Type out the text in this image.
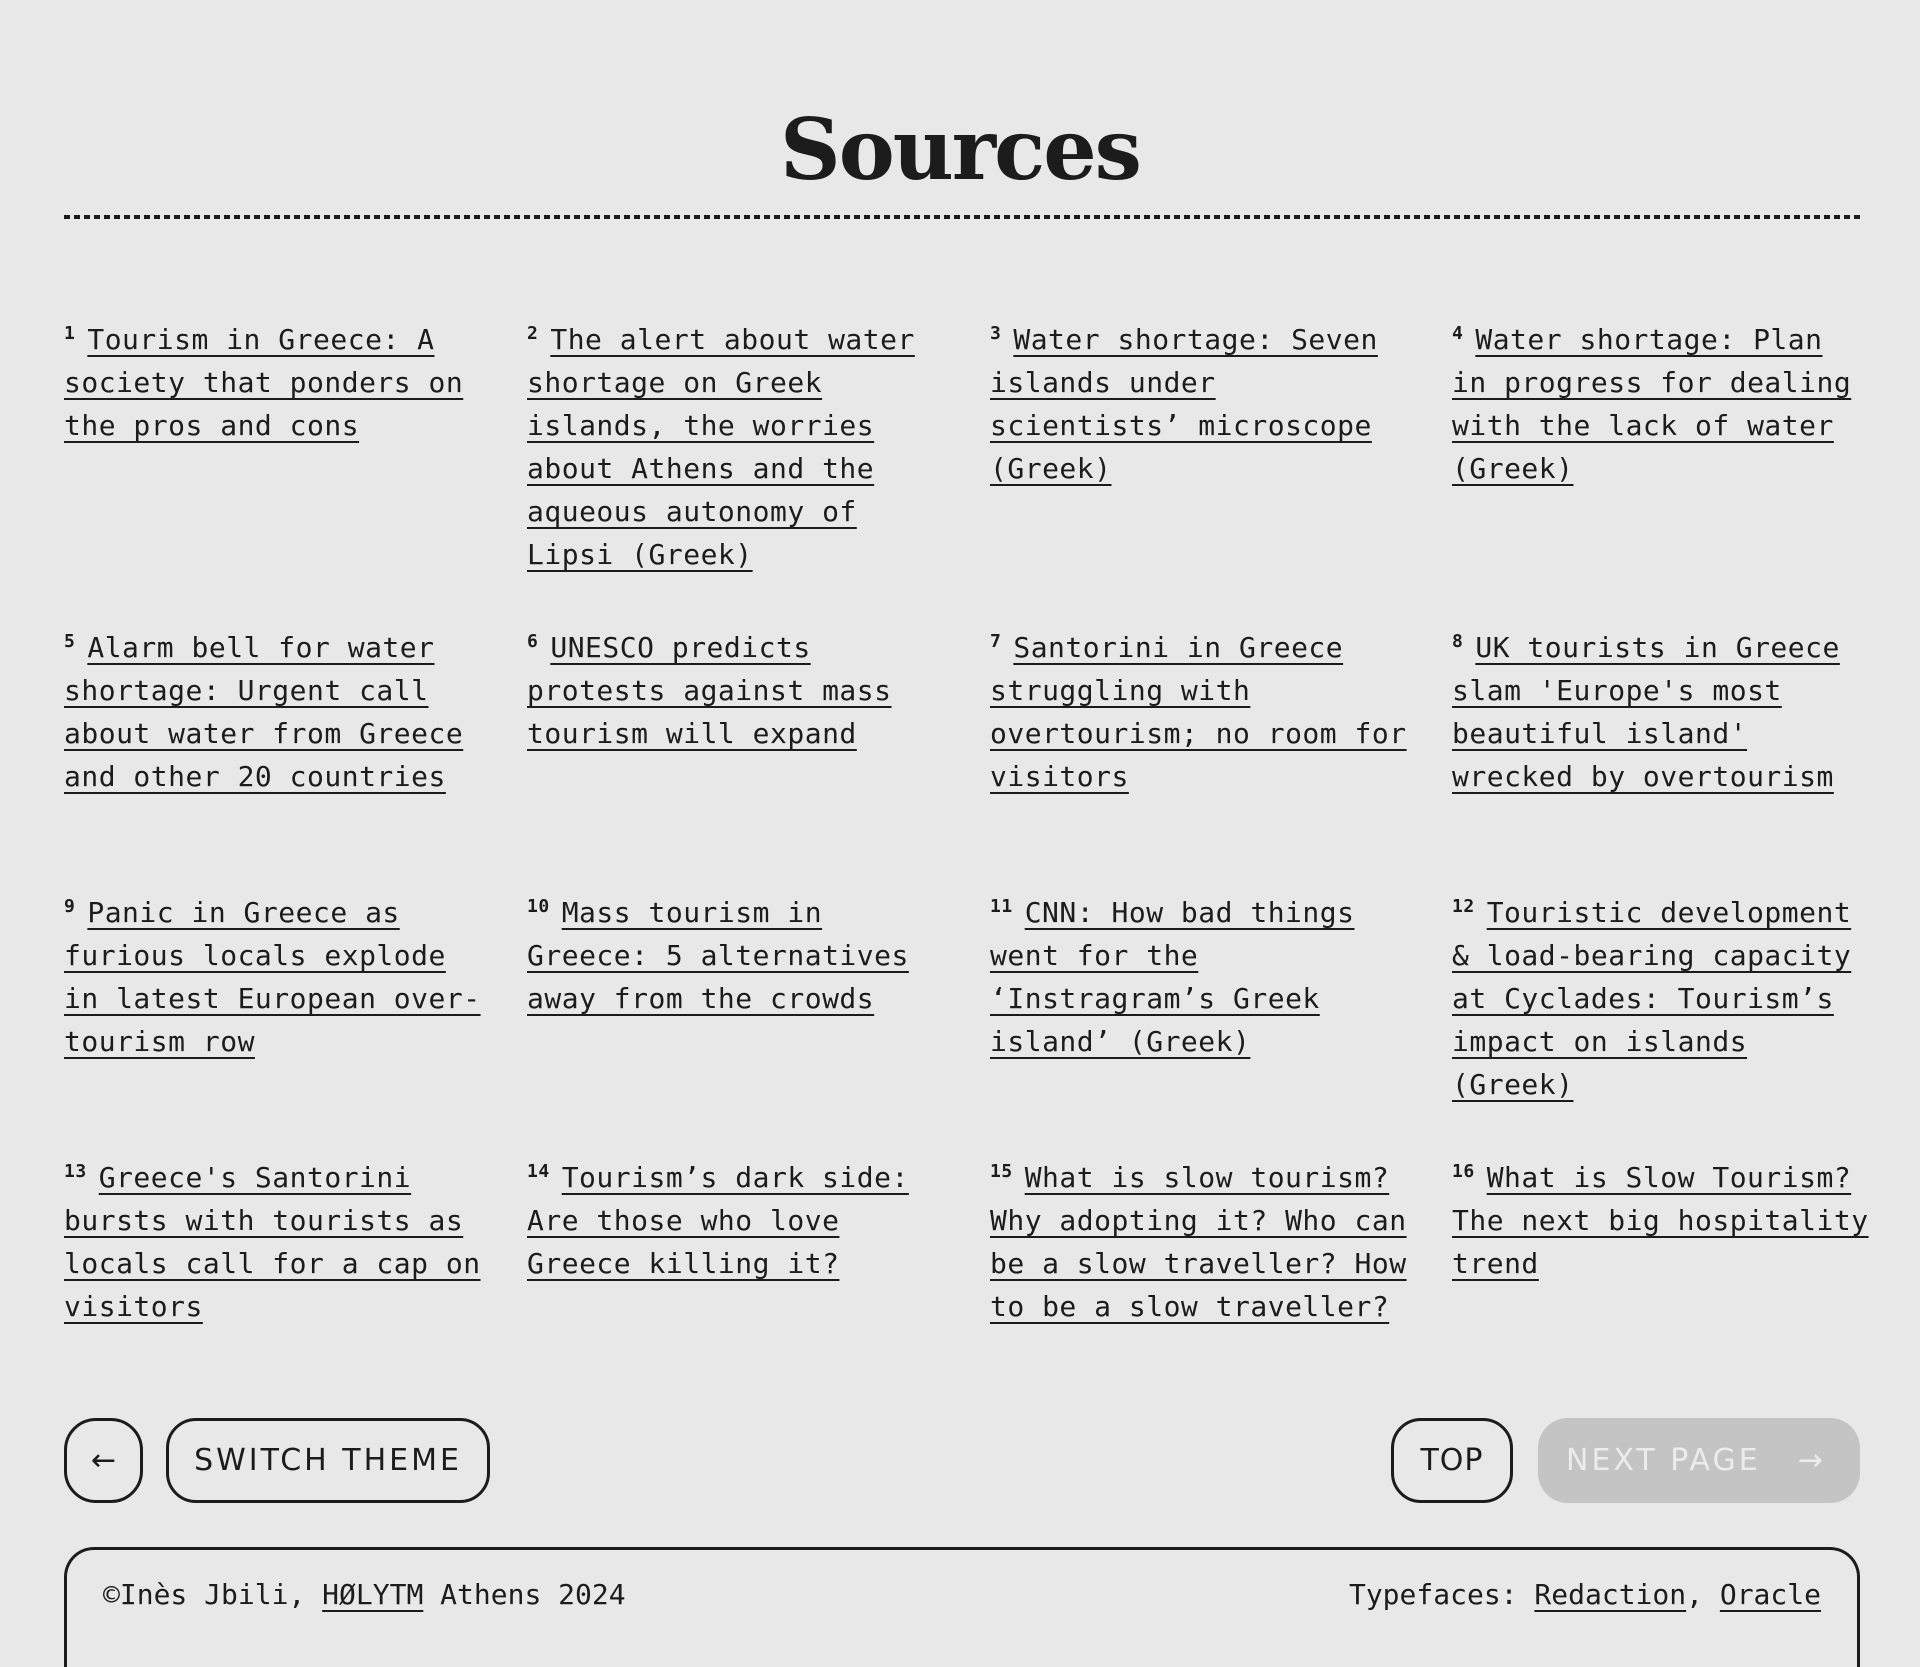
Sources
$^1$ Tourism in Greece: A society that ponders on the pros and cons
$^2$ The alert about water shortage on Greek islands, the worries about Athens and the aqueous autonomy of Lipsi (Greek)
$^3$ Water shortage: Seven islands under scientists’ microscope (Greek)
$^4$ Water shortage: Plan in progress for dealing with the lack of water (Greek)
$^5$ Alarm bell for water shortage: Urgent call about water from Greece and other 20 countries
$^6$ UNESCO predicts protests against mass tourism will expand
$^7$ Santorini in Greece struggling with overtourism; no room for visitors
$^8$ UK tourists in Greece slam 'Europe's most beautiful island' wrecked by overtourism
$^9$ Panic in Greece as furious locals explode in latest European over-tourism row
$^{10}$ Mass tourism in Greece: 5 alternatives away from the crowds
$^{11}$ CNN: How bad things went for the ‘Instragram’s Greek island’ (Greek)
$^{12}$ Touristic development & load-bearing capacity at Cyclades: Tourism’s impact on islands (Greek)
$^{13}$ Greece's Santorini bursts with tourists as locals call for a cap on visitors
$^{14}$ Tourism’s dark side: Are those who love Greece killing it?
$^{15}$ What is slow tourism? Why adopting it? Who can be a slow traveller? How to be a slow traveller?
$^{16}$ What is Slow Tourism? The next big hospitality trend
←	SWITCH THEME	TOP	NEXT PAGE →
©Inès Jbili, HØLYTM Athens 2024	Typefaces: Redaction, Oracle
